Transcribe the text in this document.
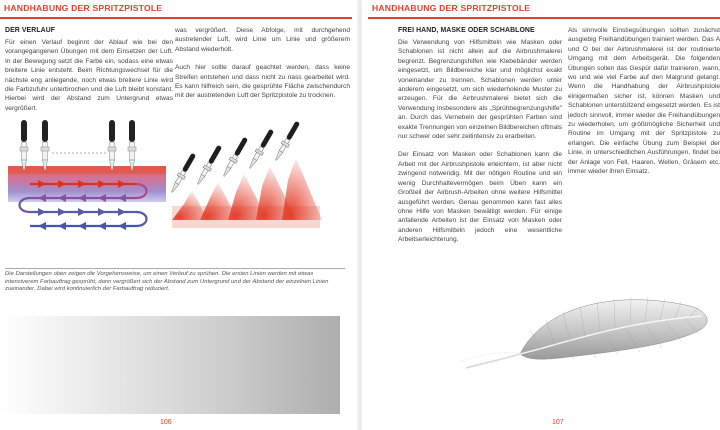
HANDHABUNG DER SPRITZPISTOLE
DER VERLAUF
Für einen Verlauf beginnt der Ablauf wie bei den vorangegangenen Übungen mit dem Einsetzen der Luft. In der Bewegung setzt die Farbe ein, sodass eine etwas breitere Linie entsteht. Beim Richtungswechsel für die nächste eng anliegende, noch etwas breitere Linie wird die Farbzufuhr unterbrochen und die Luft bleibt konstant. Hierbei wird der Abstand zum Untergrund etwas vergrößert.

was vergrößert. Diese Abfolge, mit durchgehend austretender Luft, wird Linie um Linie und größerem Abstand wiederholt.

Auch hier sollte darauf geachtet werden, dass keine Streifen entstehen und dass nicht zu nass gearbeitet wird. Es kann hilfreich sein, die gesprühte Fläche zwischendurch mit der austretenden Luft der Spritzpistole zu trocknen.

Die Darstellungen oben zeigen die Vorgehensweise, um einen Verlauf zu sprühen. Die ersten Linien werden mit etwas intensiverem Farbauftrag gesprüht, dann vergrößert sich der Abstand zum Untergrund und der Abstand der einzelnen Linien zueinander. Dabei wird kontinuierlich der Farbauftrag reduziert.
106
HANDHABUNG DER SPRITZPISTOLE
FREI HAND, MASKE ODER SCHABLONE

Die Verwendung von Hilfsmitteln wie Masken oder Schablonen ist nicht allein auf die Airbrushmalerei begrenzt. Begrenzungshilfen wie Klebebänder werden eingesetzt, um Bildbereiche klar und möglichst exakt voneinander zu trennen. Schablonen werden unter anderem eingesetzt, um sich wiederholende Muster zu erzeugen. Für die Airbrushmalerei bietet sich die Verwendung insbesondere als „Sprühbegrenzungshilfe" an. Durch das Vernebeln der gesprühten Farben sind exakte Trennungen von einzelnen Bildbereichen oftmals nur schwer oder sehr zeitintensiv zu erarbeiten.

Der Einsatz von Masken oder Schablonen kann die Arbeit mit der Airbrushpistole erleichtern, ist aber nicht zwingend notwendig. Mit der nötigen Routine und ein wenig Durchhaltevermögen beim Üben kann ein Großteil der Airbrush-Arbeiten ohne weitere Hilfsmittel ausgeführt werden. Genau genommen kann fast alles ohne Hilfe von Masken bewältigt werden. Für einige anfallende Arbeiten ist der Einsatz von Masken oder anderen Hilfsmitteln jedoch eine wesentliche Arbeitserleichterung.

Als sinnvolle Einstiegsübungen sollten zunächst ausgiebig Freihandübungen trainiert werden. Das A und O bei der Airbrushmalerei ist der routinierte Umgang mit dem Arbeitsgerät. Die folgenden Übungen sollen das Gespür dafür trainieren, wann, wo und wie viel Farbe auf den Malgrund gelangt. Wenn die Handhabung der Airbrushpistole einigermaßen sicher ist, können Masken und Schablonen unterstützend eingesetzt werden. Es ist jedoch sinnvoll, immer wieder die Freihandübungen zu wiederholen, um größtmögliche Sicherheit und Routine im Umgang mit der Spritzpistole zu erlangen. Die einfache Übung zum Beispiel der Linie, in unterschiedlichen Ausführungen, findet bei der Anlage von Fell, Haaren, Wellen, Gräsern etc. immer wieder ihren Einsatz.
107
